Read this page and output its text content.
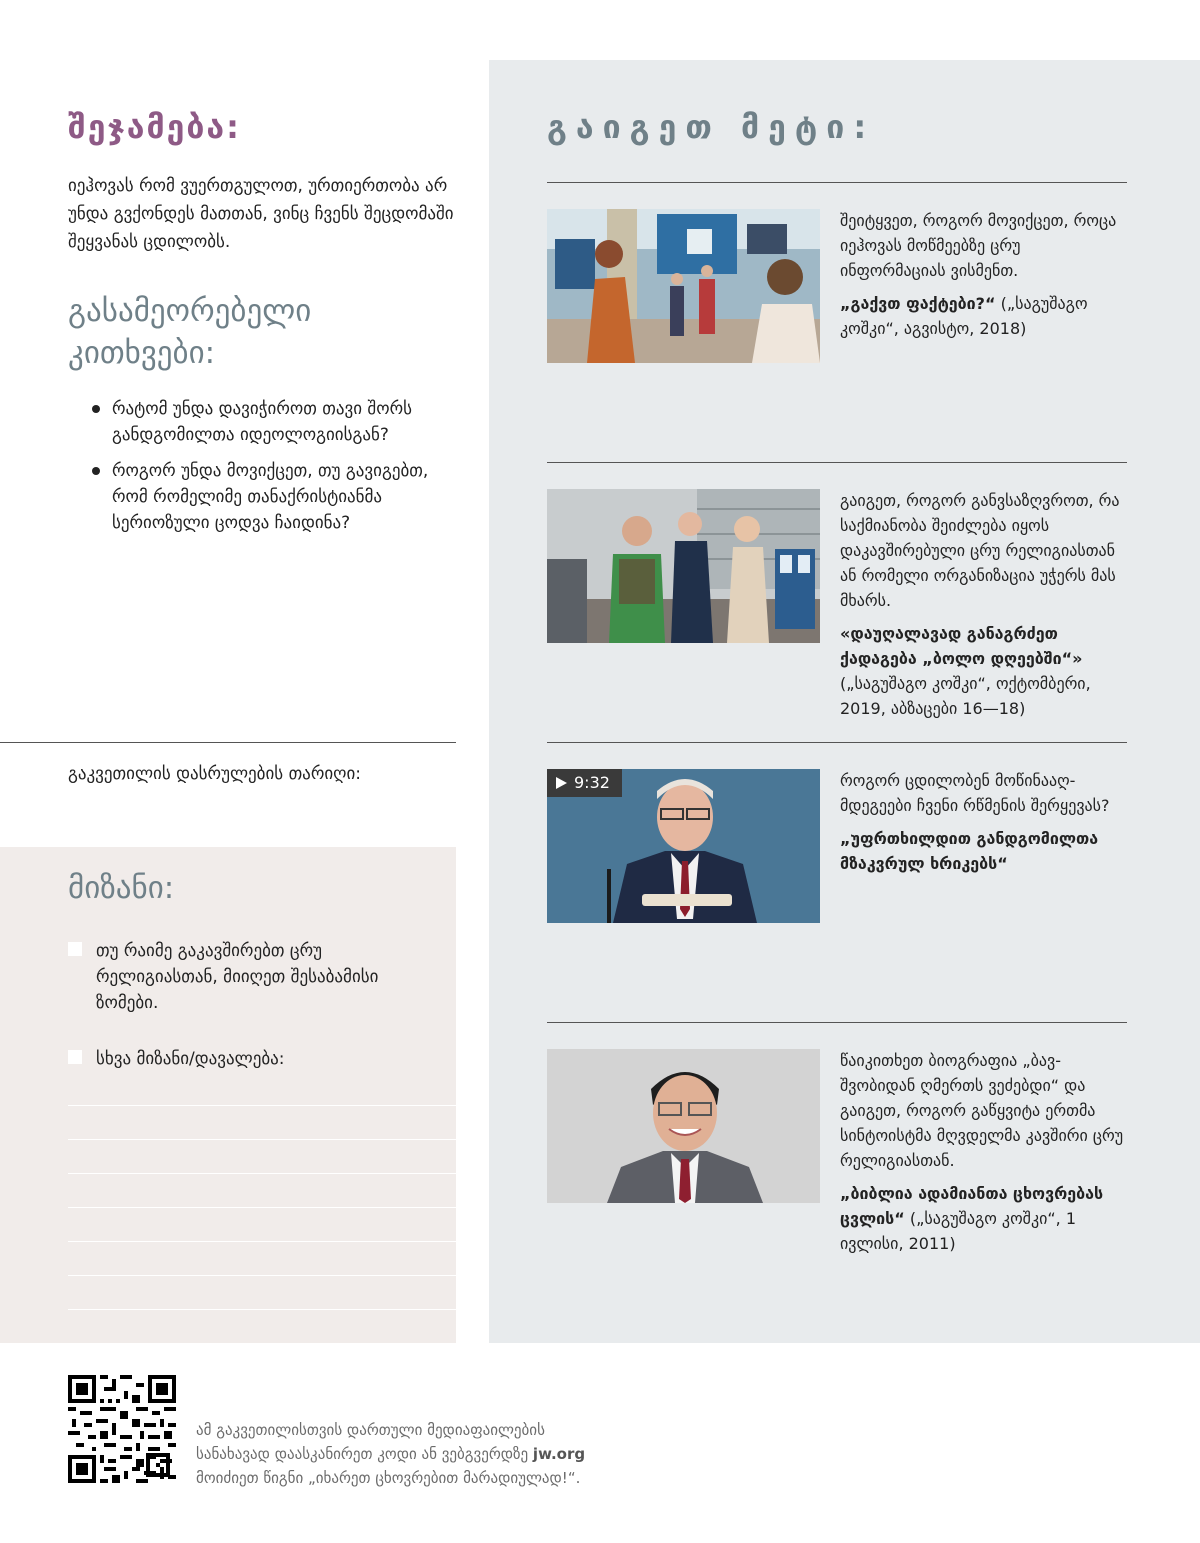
შეჯამება:
იეჰოვას რომ ვუერთგულოთ, ურთიერთობა არ უნდა გვქონდეს მათთან, ვინც ჩვენს შეცდომაში შეყვანას ცდილობს.
გასამეორებელი კითხვები:
რატომ უნდა დავიჭიროთ თავი შორს განდგომილთა იდეოლოგიისგან?
როგორ უნდა მოვიქცეთ, თუ გავიგებთ, რომ რომელიმე თანაქრისტიანმა სერიოზული ცოდვა ჩაიდინა?
გაკვეთილის დასრულების თარიღი:
მიზანი:
თუ რაიმე გაკავშირებთ ცრუ რელიგიასთან, მიიღეთ შესაბამისი ზომები.
სხვა მიზანი/დავალება:
გაიგეთ მეტი:
შეიტყვეთ, როგორ მოვიქცეთ, როცა იეჰოვას მოწმეებზე ცრუ ინფორმაციას ვისმენთ.
„გაქვთ ფაქტები?“ („საგუშაგო კოშკი“, აგვისტო, 2018)
გაიგეთ, როგორ განვსაზღვროთ, რა საქმიანობა შეიძლება იყოს დაკავშირებული ცრუ რელიგიასთან ან რომელი ორგანიზაცია უჭერს მას მხარს.
«დაუღალავად განაგრძეთ ქადაგება „ბოლო დღეებში“» („საგუშაგო კოშკი“, ოქტომბერი, 2019, აბზაცები 16—18)
9:32	როგორ ცდილობენ მოწინააღმდეგეები ჩვენი რწმენის შერყევას?
„უფრთხილდით განდგომილთა მზაკვრულ ხრიკებს“
წაიკითხეთ ბიოგრაფია „ბავშვობიდან ღმერთს ვეძებდი“ და გაიგეთ, როგორ გაწყვიტა ერთმა სინტოისტმა მღვდელმა კავშირი ცრუ რელიგიასთან.
„ბიბლია ადამიანთა ცხოვრებას ცვლის“ („საგუშაგო კოშკი“, 1 ივლისი, 2011)
ამ გაკვეთილისთვის დართული მედიაფაილების
სანახავად დაასკანირეთ კოდი ან ვებგვერდზე jw.org
მოიძიეთ წიგნი „იხარეთ ცხოვრებით მარადიულად!“.
